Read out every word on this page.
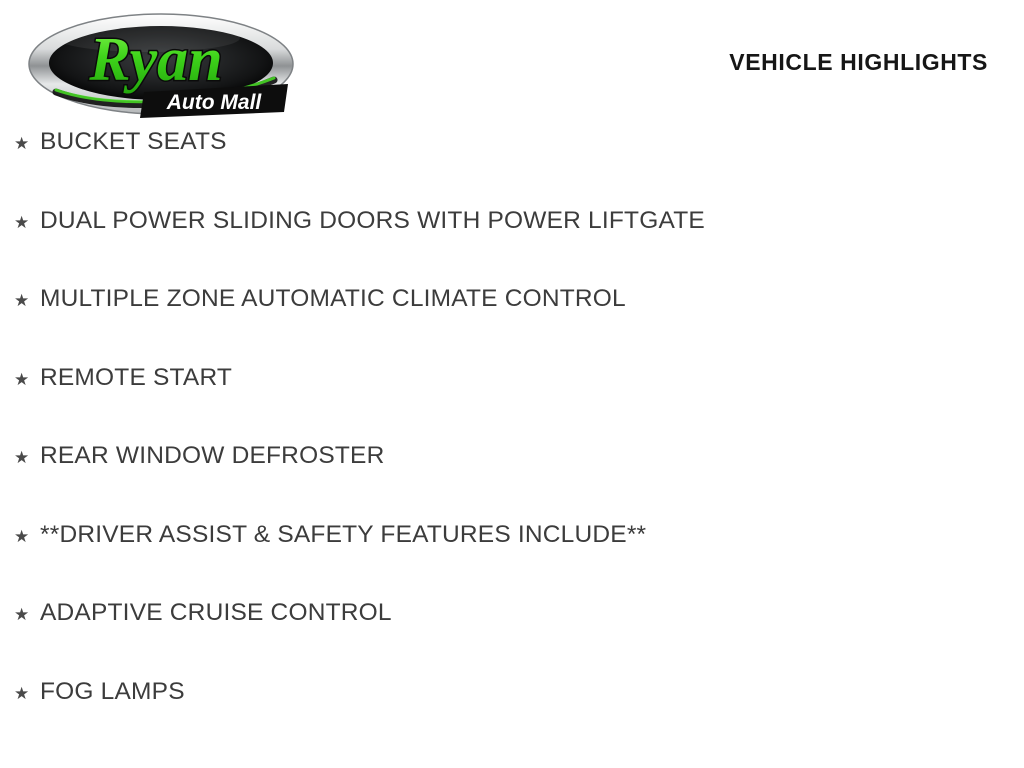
Ryan
Auto Mall
VEHICLE HIGHLIGHTS
★ BUCKET SEATS
★ DUAL POWER SLIDING DOORS WITH POWER LIFTGATE
★ MULTIPLE ZONE AUTOMATIC CLIMATE CONTROL
★ REMOTE START
★ REAR WINDOW DEFROSTER
★ **DRIVER ASSIST & SAFETY FEATURES INCLUDE**
★ ADAPTIVE CRUISE CONTROL
★ FOG LAMPS
